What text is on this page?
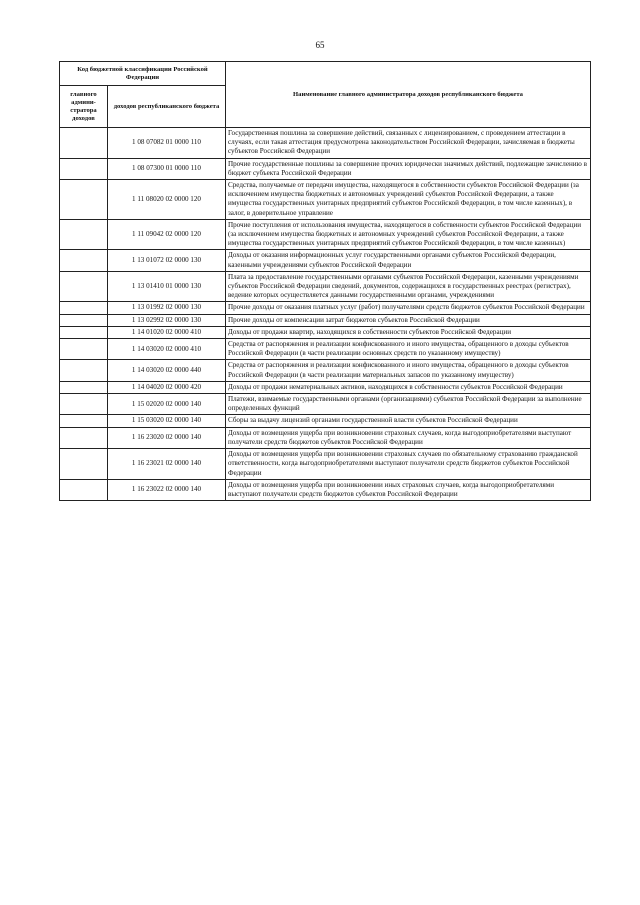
65
Код бюджетной классификации Российской Федерации		Наименование главного администратора доходов республиканского бюджета
главного админи-стратора доходов	доходов республиканского бюджета	
	1 08 07082 01 0000 110	Государственная пошлина за совершение действий, связанных с лицензированием, с проведением аттестации в случаях, если такая аттестация предусмотрена законодательством Российской Федерации, зачисляемая в бюджеты субъектов Российской Федерации
	1 08 07300 01 0000 110	Прочие государственные пошлины за совершение прочих юридически значимых действий, подлежащие зачислению в бюджет субъекта Российской Федерации
	1 11 08020 02 0000 120	Средства, получаемые от передачи имущества, находящегося в собственности субъектов Российской Федерации (за исключением имущества бюджетных и автономных учреждений субъектов Российской Федерации, а также имущества государственных унитарных предприятий субъектов Российской Федерации, в том числе казенных), в залог, в доверительное управление
	1 11 09042 02 0000 120	Прочие поступления от использования имущества, находящегося в собственности субъектов Российской Федерации (за исключением имущества бюджетных и автономных учреждений субъектов Российской Федерации, а также имущества государственных унитарных предприятий субъектов Российской Федерации, в том числе казенных)
	1 13 01072 02 0000 130	Доходы от оказания информационных услуг государственными органами субъектов Российской Федерации, казенными учреждениями субъектов Российской Федерации
	1 13 01410 01 0000 130	Плата за предоставление государственными органами субъектов Российской Федерации, казенными учреждениями субъектов Российской Федерации сведений, документов, содержащихся в государственных реестрах (регистрах), ведение которых осуществляется данными государственными органами, учреждениями
	1 13 01992 02 0000 130	Прочие доходы от оказания платных услуг (работ) получателями средств бюджетов субъектов Российской Федерации
	1 13 02992 02 0000 130	Прочие доходы от компенсации затрат бюджетов субъектов Российской Федерации
	1 14 01020 02 0000 410	Доходы от продажи квартир, находящихся в собственности субъектов Российской Федерации
	1 14 03020 02 0000 410	Средства от распоряжения и реализации конфискованного и иного имущества, обращенного в доходы субъектов Российской Федерации (в части реализации основных средств по указанному имуществу)
	1 14 03020 02 0000 440	Средства от распоряжения и реализации конфискованного и иного имущества, обращенного в доходы субъектов Российской Федерации (в части реализации материальных запасов по указанному имуществу)
	1 14 04020 02 0000 420	Доходы от продажи нематериальных активов, находящихся в собственности субъектов Российской Федерации
	1 15 02020 02 0000 140	Платежи, взимаемые государственными органами (организациями) субъектов Российской Федерации за выполнение определенных функций
	1 15 03020 02 0000 140	Сборы за выдачу лицензий органами государственной власти субъектов Российской Федерации
	1 16 23020 02 0000 140	Доходы от возмещения ущерба при возникновении страховых случаев, когда выгодоприобретателями выступают получатели средств бюджетов субъектов Российской Федерации
	1 16 23021 02 0000 140	Доходы от возмещения ущерба при возникновении страховых случаев по обязательному страхованию гражданской ответственности, когда выгодоприобретателями выступают получатели средств бюджетов субъектов Российской Федерации
	1 16 23022 02 0000 140	Доходы от возмещения ущерба при возникновении иных страховых случаев, когда выгодоприобретателями выступают получатели средств бюджетов субъектов Российской Федерации
